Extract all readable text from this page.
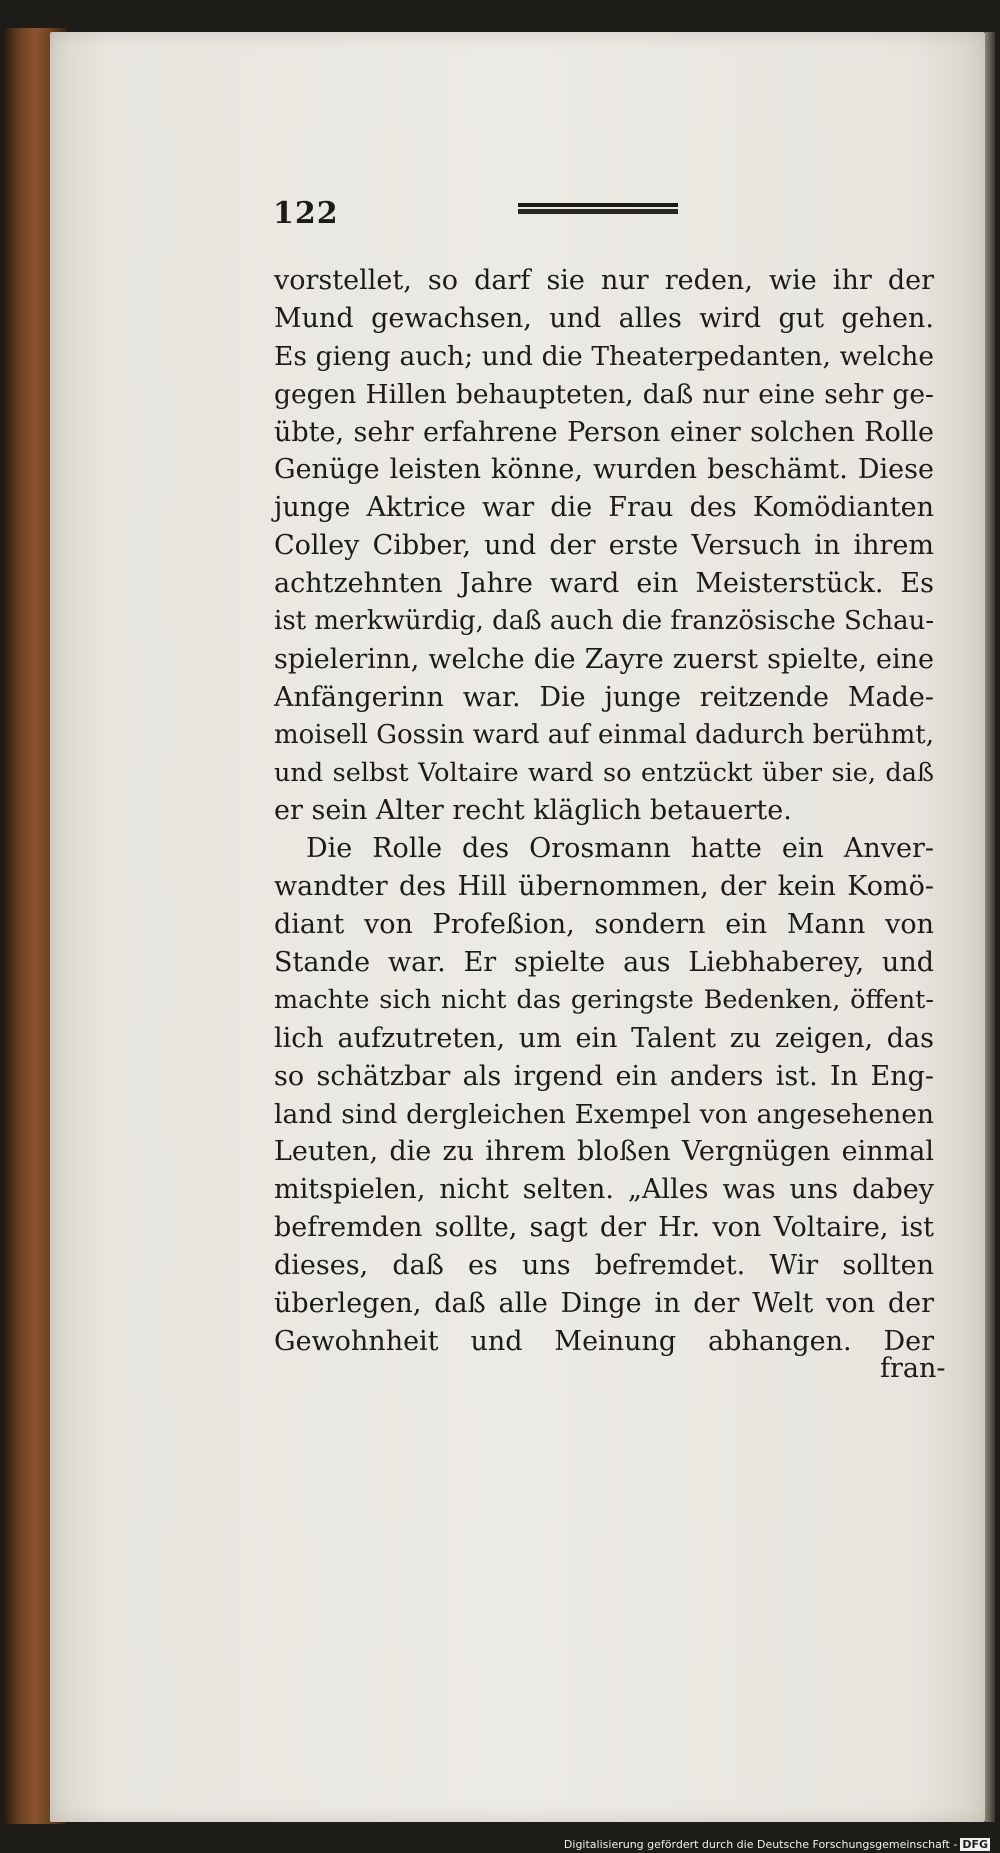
122
vorstellet, so darf sie nur reden, wie ihr der
Mund gewachsen, und alles wird gut gehen.
Es gieng auch; und die Theaterpedanten, welche
gegen Hillen behaupteten, daß nur eine sehr ge-
übte, sehr erfahrene Person einer solchen Rolle
Genüge leisten könne, wurden beschämt. Diese
junge Aktrice war die Frau des Komödianten
Colley Cibber, und der erste Versuch in ihrem
achtzehnten Jahre ward ein Meisterstück. Es
ist merkwürdig, daß auch die französische Schau-
spielerinn, welche die Zayre zuerst spielte, eine
Anfängerinn war. Die junge reitzende Made-
moisell Gossin ward auf einmal dadurch berühmt,
und selbst Voltaire ward so entzückt über sie, daß
er sein Alter recht kläglich betauerte.
Die Rolle des Orosmann hatte ein Anver-
wandter des Hill übernommen, der kein Komö-
diant von Profeßion, sondern ein Mann von
Stande war. Er spielte aus Liebhaberey, und
machte sich nicht das geringste Bedenken, öffent-
lich aufzutreten, um ein Talent zu zeigen, das
so schätzbar als irgend ein anders ist. In Eng-
land sind dergleichen Exempel von angesehenen
Leuten, die zu ihrem bloßen Vergnügen einmal
mitspielen, nicht selten. „Alles was uns dabey
befremden sollte, sagt der Hr. von Voltaire, ist
dieses, daß es uns befremdet. Wir sollten
überlegen, daß alle Dinge in der Welt von der
Gewohnheit und Meinung abhangen. Der
fran-
Digitalisierung gefördert durch die Deutsche Forschungsgemeinschaft - DFG
